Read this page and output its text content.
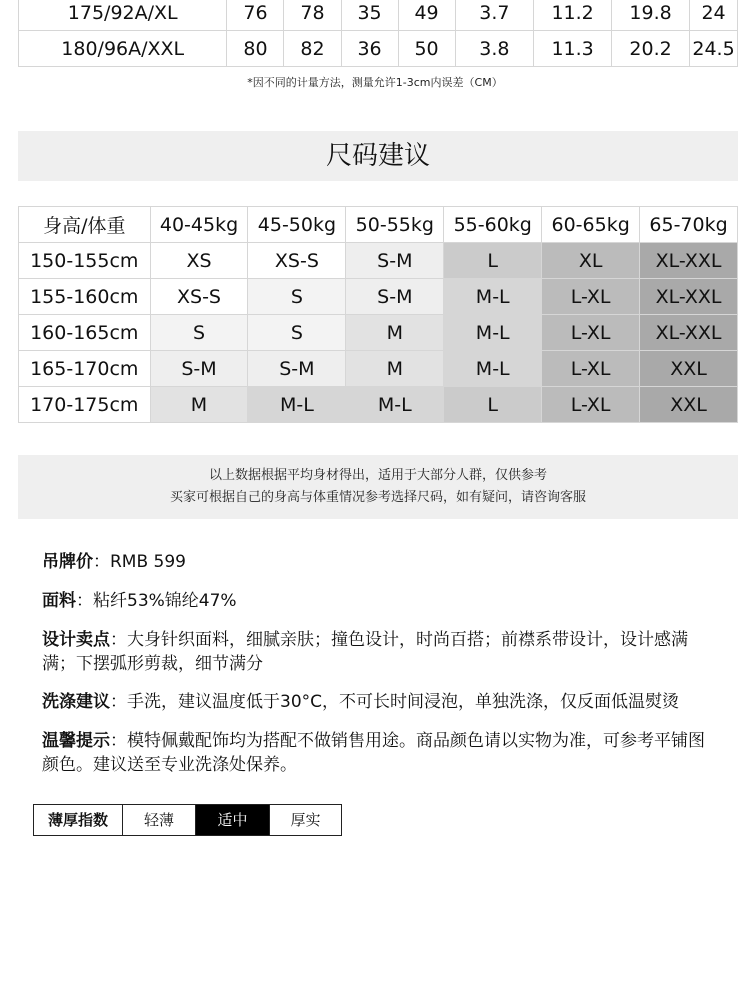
175/92A/XL	76	78	35	49	3.7	11.2	19.8	24
180/96A/XXL	80	82	36	50	3.8	11.3	20.2	24.5
*因不同的计量方法，测量允许1-3cm内误差（CM）
尺码建议
身高/体重	40-45kg	45-50kg	50-55kg	55-60kg	60-65kg	65-70kg
150-155cm	XS	XS-S	S-M	L	XL	XL-XXL
155-160cm	XS-S	S	S-M	M-L	L-XL	XL-XXL
160-165cm	S	S	M	M-L	L-XL	XL-XXL
165-170cm	S-M	S-M	M	M-L	L-XL	XXL
170-175cm	M	M-L	M-L	L	L-XL	XXL
以上数据根据平均身材得出，适用于大部分人群，仅供参考
买家可根据自己的身高与体重情况参考选择尺码，如有疑问，请咨询客服
吊牌价：RMB 599
面料：粘纤53%锦纶47%
设计卖点：大身针织面料，细腻亲肤；撞色设计，时尚百搭；前襟系带设计，设计感满满；下摆弧形剪裁，细节满分
洗涤建议：手洗，建议温度低于30°C，不可长时间浸泡，单独洗涤，仅反面低温熨烫
温馨提示：模特佩戴配饰均为搭配不做销售用途。商品颜色请以实物为准，可参考平铺图颜色。建议送至专业洗涤处保养。
薄厚指数	轻薄	适中	厚实
